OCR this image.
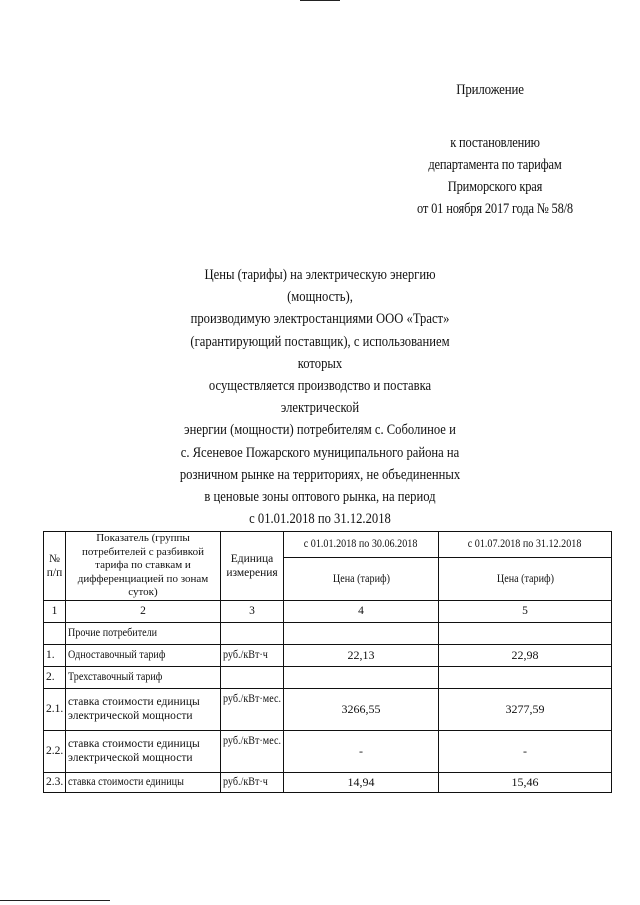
Приложение
к постановлению
департамента по тарифам
Приморского края
от 01 ноября 2017 года № 58/8
Цены (тарифы) на электрическую энергию (мощность),
производимую электростанциями ООО «Траст»
(гарантирующий поставщик), с использованием которых
осуществляется производство и поставка электрической
энергии (мощности) потребителям с. Соболиное и
с. Ясеневое Пожарского муниципального района на
розничном рынке на территориях, не объединенных
в ценовые зоны оптового рынка, на период
с 01.01.2018 по 31.12.2018
№ п/п	Показатель (группы потребителей с разбивкой тарифа по ставкам и дифференциацией по зонам суток)	Единица измерения	с 01.01.2018 по 30.06.2018	с 01.07.2018 по 31.12.2018
			Цена (тариф)	Цена (тариф)
1	2	3	4	5
	Прочие потребители			
1.	Одноставочный тариф	руб./кВт·ч	22,13	22,98
2.	Трехставочный тариф			
2.1.	ставка стоимости единицы электрической мощности	руб./кВт·мес.	3266,55	3277,59
2.2.	ставка стоимости единицы электрической мощности	руб./кВт·мес.	-	-
2.3.	ставка стоимости единицы	руб./кВт·ч	14,94	15,46
